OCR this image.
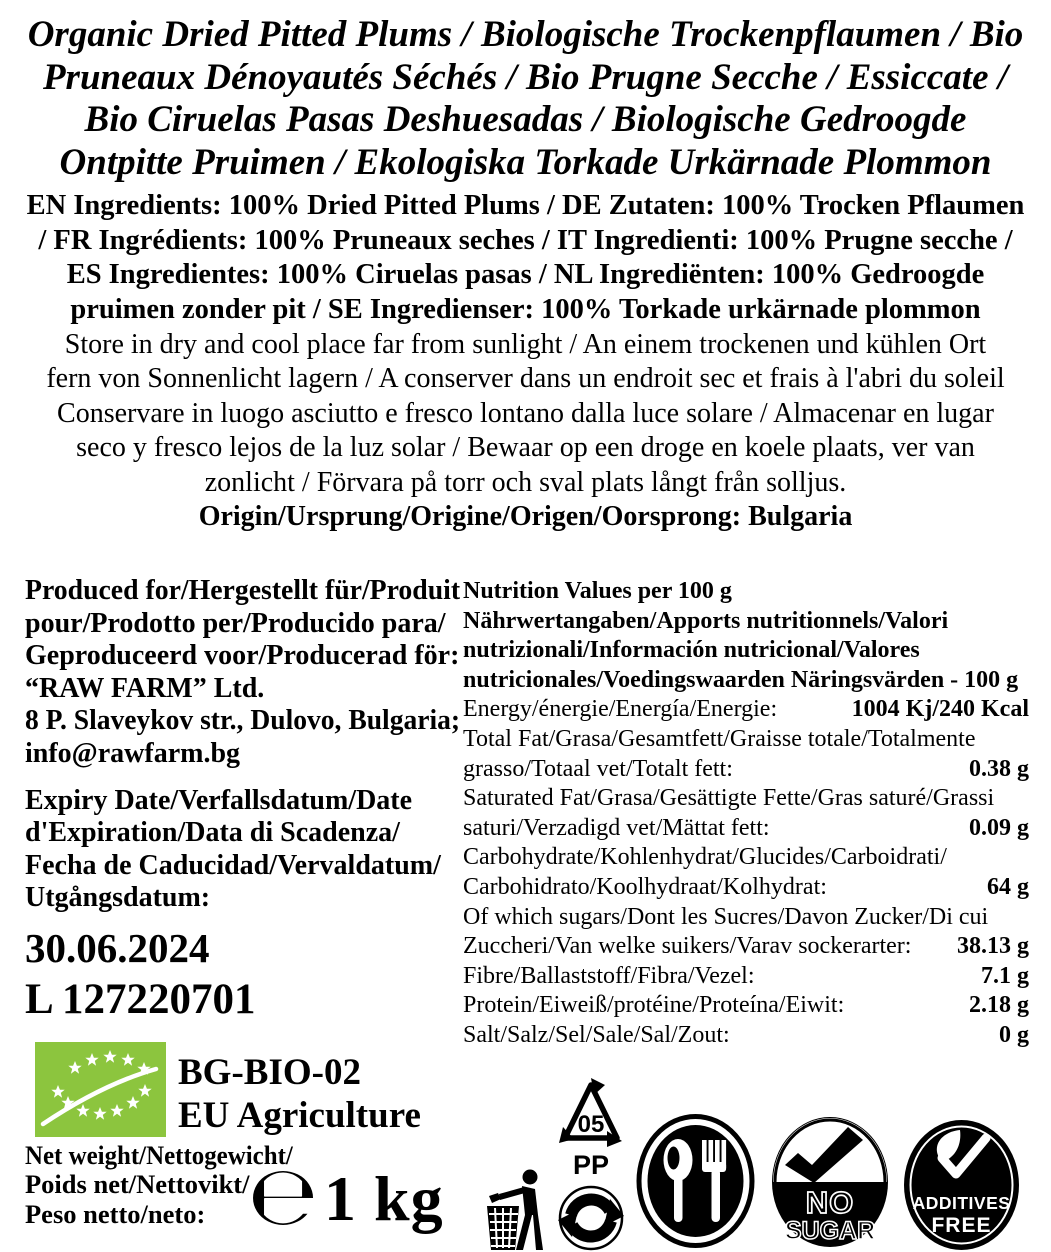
Organic Dried Pitted Plums / Biologische Trockenpflaumen / Bio
Pruneaux Dénoyautés Séchés / Bio Prugne Secche / Essiccate /
Bio Ciruelas Pasas Deshuesadas / Biologische Gedroogde
Ontpitte Pruimen / Ekologiska Torkade Urkärnade Plommon
EN Ingredients: 100% Dried Pitted Plums / DE Zutaten: 100% Trocken Pflaumen
/ FR Ingrédients: 100% Pruneaux seches / IT Ingredienti: 100% Prugne secche /
ES Ingredientes: 100% Ciruelas pasas / NL Ingrediënten: 100% Gedroogde
pruimen zonder pit / SE Ingredienser: 100% Torkade urkärnade plommon
Store in dry and cool place far from sunlight / An einem trockenen und kühlen Ort
fern von Sonnenlicht lagern / A conserver dans un endroit sec et frais à l'abri du soleil
Conservare in luogo asciutto e fresco lontano dalla luce solare / Almacenar en lugar
seco y fresco lejos de la luz solar / Bewaar op een droge en koele plaats, ver van
zonlicht / Förvara på torr och sval plats långt från solljus.
Origin/Ursprung/Origine/Origen/Oorsprong: Bulgaria
Produced for/Hergestellt für/Produit
pour/Prodotto per/Producido para/
Geproduceerd voor/Producerad för:
“RAW FARM” Ltd.
8 P. Slaveykov str., Dulovo, Bulgaria;
info@rawfarm.bg
Expiry Date/Verfallsdatum/Date
d'Expiration/Data di Scadenza/
Fecha de Caducidad/Vervaldatum/
Utgångsdatum:
30.06.2024
L 127220701
Nutrition Values per 100 g
Nährwertangaben/Apports nutritionnels/Valori
nutrizionali/Información nutricional/Valores
nutricionales/Voedingswaarden Näringsvärden - 100 g
Energy/énergie/Energía/Energie:	1004 Kj/240 Kcal
Total Fat/Grasa/Gesamtfett/Graisse totale/Totalmente
grasso/Totaal vet/Totalt fett:	0.38 g
Saturated Fat/Grasa/Gesättigte Fette/Gras saturé/Grassi
saturi/Verzadigd vet/Mättat fett:	0.09 g
Carbohydrate/Kohlenhydrat/Glucides/Carboidrati/
Carbohidrato/Koolhydraat/Kolhydrat:	64 g
Of which sugars/Dont les Sucres/Davon Zucker/Di cui
Zuccheri/Van welke suikers/Varav sockerarter:	38.13 g
Fibre/Ballaststoff/Fibra/Vezel:	7.1 g
Protein/Eiweiß/protéine/Proteína/Eiwit:	2.18 g
Salt/Salz/Sel/Sale/Sal/Zout:	0 g
BG-BIO-02
EU Agriculture
Net weight/Nettogewicht/
Poids net/Nettovikt/
Peso netto/neto: ℮ 1 kg
05
PP
NO
SUGAR
ADDITIVES
FREE
